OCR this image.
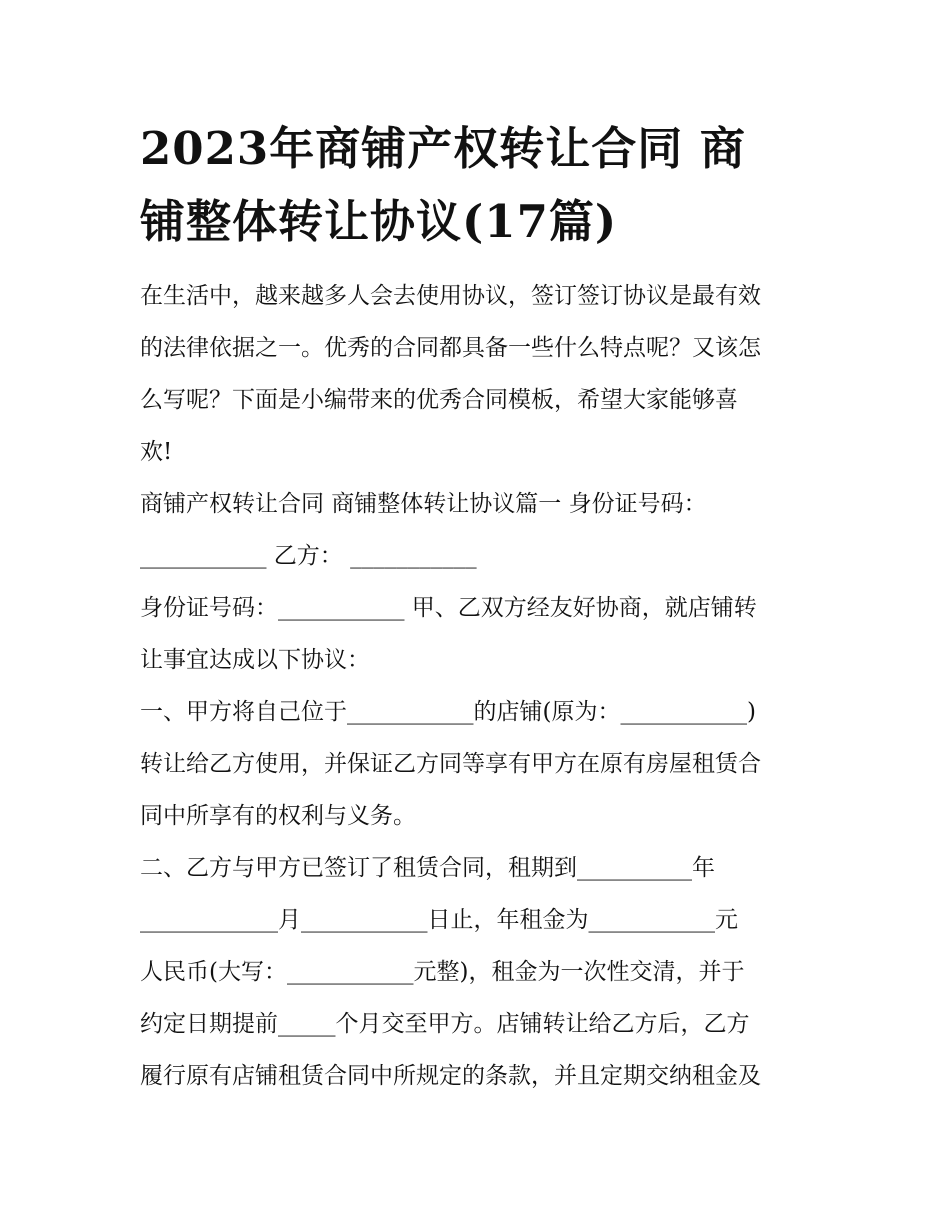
2023年商铺产权转让合同 商
铺整体转让协议(17篇)
在生活中，越来越多人会去使用协议，签订签订协议是最有效
的法律依据之一。优秀的合同都具备一些什么特点呢？又该怎
么写呢？下面是小编带来的优秀合同模板，希望大家能够喜
欢!
商铺产权转让合同 商铺整体转让协议篇一 身份证号码：
___________ 乙方： ___________
身份证号码：___________ 甲、乙双方经友好协商，就店铺转
让事宜达成以下协议：
一、甲方将自己位于___________的店铺(原为：___________)
转让给乙方使用，并保证乙方同等享有甲方在原有房屋租赁合
同中所享有的权利与义务。
二、乙方与甲方已签订了租赁合同，租期到__________年
____________月___________日止，年租金为___________元
人民币(大写：___________元整)，租金为一次性交清，并于
约定日期提前_____个月交至甲方。店铺转让给乙方后，乙方
履行原有店铺租赁合同中所规定的条款，并且定期交纳租金及
